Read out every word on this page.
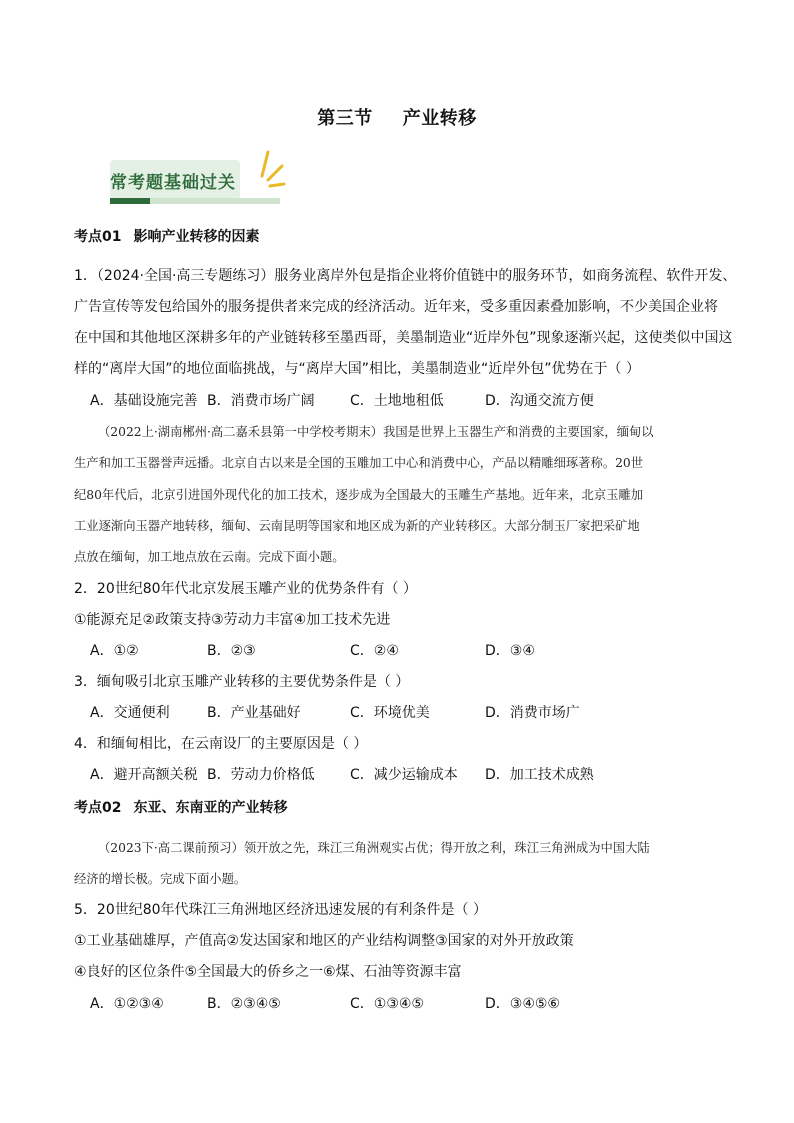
第三节 产业转移
常考题基础过关
考点01 影响产业转移的因素
1．（2024·全国·高三专题练习）服务业离岸外包是指企业将价值链中的服务环节，如商务流程、软件开发、
广告宣传等发包给国外的服务提供者来完成的经济活动。近年来，受多重因素叠加影响，不少美国企业将
在中国和其他地区深耕多年的产业链转移至墨西哥，美墨制造业“近岸外包”现象逐渐兴起，这使类似中国这
样的“离岸大国”的地位面临挑战，与“离岸大国”相比，美墨制造业“近岸外包”优势在于（ ）
A．基础设施完善 B．消费市场广阔	C．土地地租低	D．沟通交流方便
（2022上·湖南郴州·高二嘉禾县第一中学校考期末）我国是世界上玉器生产和消费的主要国家，缅甸以
生产和加工玉器誉声远播。北京自古以来是全国的玉雕加工中心和消费中心，产品以精雕细琢著称。20世
纪80年代后，北京引进国外现代化的加工技术，逐步成为全国最大的玉雕生产基地。近年来，北京玉雕加
工业逐渐向玉器产地转移，缅甸、云南昆明等国家和地区成为新的产业转移区。大部分制玉厂家把采矿地
点放在缅甸，加工地点放在云南。完成下面小题。
2．20世纪80年代北京发展玉雕产业的优势条件有（ ）
①能源充足②政策支持③劳动力丰富④加工技术先进
A．①②	B．②③	C．②④	D．③④
3．缅甸吸引北京玉雕产业转移的主要优势条件是（ ）
A．交通便利	B．产业基础好	C．环境优美	D．消费市场广
4．和缅甸相比，在云南设厂的主要原因是（ ）
A．避开高额关税 B．劳动力价格低	C．减少运输成本 D．加工技术成熟
考点02 东亚、东南亚的产业转移
（2023下·高二课前预习）领开放之先，珠江三角洲观实占优；得开放之利，珠江三角洲成为中国大陆
经济的增长极。完成下面小题。
5．20世纪80年代珠江三角洲地区经济迅速发展的有利条件是（ ）
①工业基础雄厚，产值高②发达国家和地区的产业结构调整③国家的对外开放政策
④良好的区位条件⑤全国最大的侨乡之一⑥煤、石油等资源丰富
A．①②③④	B．②③④⑤	C．①③④⑤	D．③④⑤⑥
